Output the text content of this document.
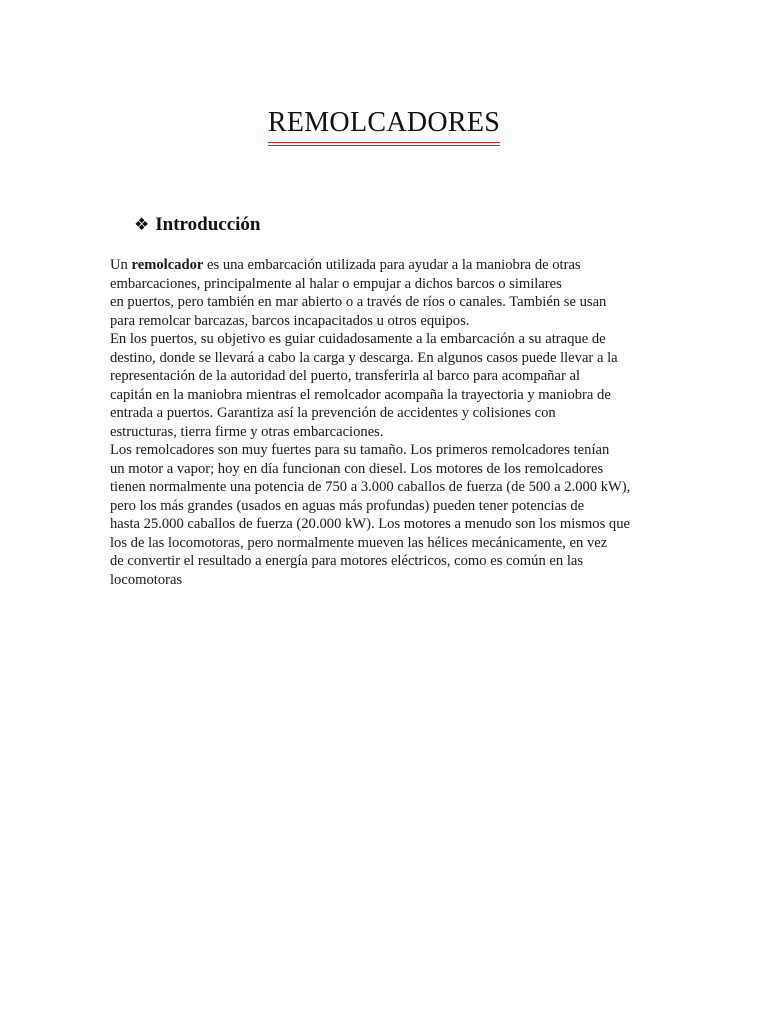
REMOLCADORES
❖ Introducción

Un remolcador es una embarcación utilizada para ayudar a la maniobra de otras
embarcaciones, principalmente al halar o empujar a dichos barcos o similares
en puertos, pero también en mar abierto o a través de ríos o canales. También se usan
para remolcar barcazas, barcos incapacitados u otros equipos.

En los puertos, su objetivo es guiar cuidadosamente a la embarcación a su atraque de
destino, donde se llevará a cabo la carga y descarga. En algunos casos puede llevar a la
representación de la autoridad del puerto, transferirla al barco para acompañar al
capitán en la maniobra mientras el remolcador acompaña la trayectoria y maniobra de
entrada a puertos. Garantiza así la prevención de accidentes y colisiones con
estructuras, tierra firme y otras embarcaciones.

Los remolcadores son muy fuertes para su tamaño. Los primeros remolcadores tenían
un motor a vapor; hoy en día funcionan con diesel. Los motores de los remolcadores
tienen normalmente una potencia de 750 a 3.000 caballos de fuerza (de 500 a 2.000 kW),
pero los más grandes (usados en aguas más profundas) pueden tener potencias de
hasta 25.000 caballos de fuerza (20.000 kW). Los motores a menudo son los mismos que
los de las locomotoras, pero normalmente mueven las hélices mecánicamente, en vez
de convertir el resultado a energía para motores eléctricos, como es común en las
locomotoras
